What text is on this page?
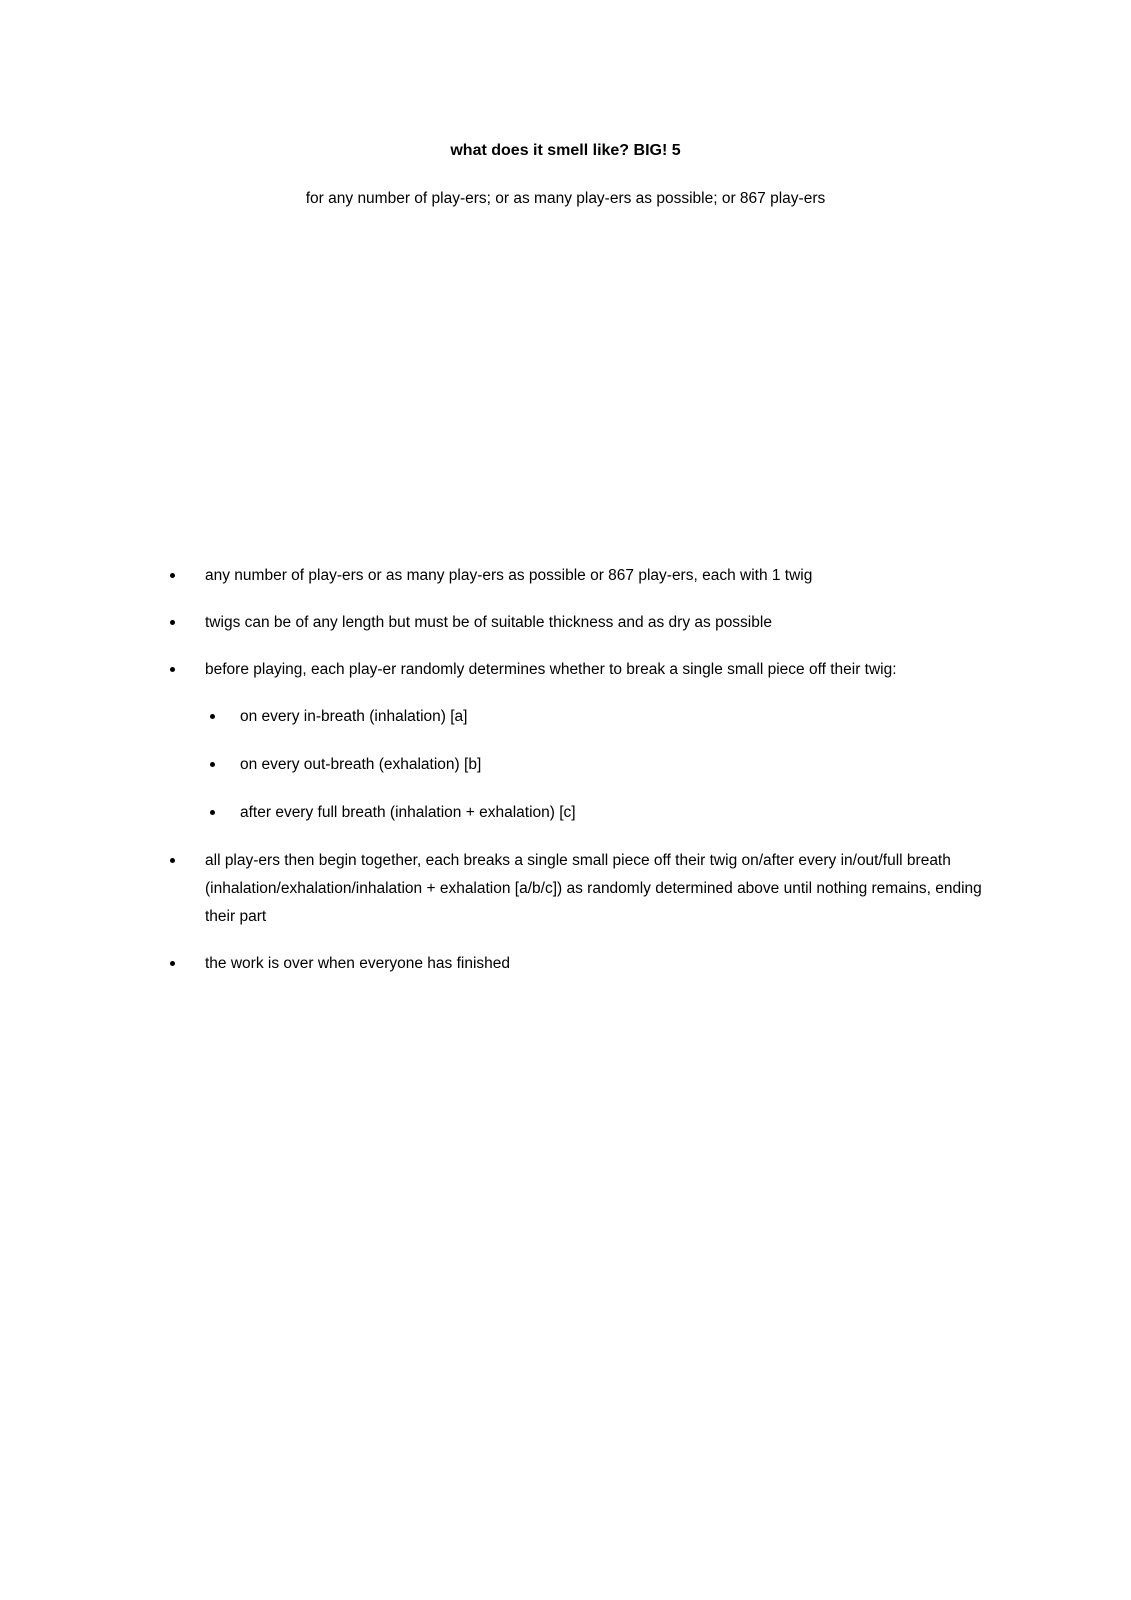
what does it smell like? BIG! 5
for any number of play-ers; or as many play-ers as possible; or 867 play-ers
any number of play-ers or as many play-ers as possible or 867 play-ers, each with 1 twig
twigs can be of any length but must be of suitable thickness and as dry as possible
before playing, each play-er randomly determines whether to break a single small piece off their twig:
on every in-breath (inhalation) [a]
on every out-breath (exhalation) [b]
after every full breath (inhalation + exhalation) [c]
all play-ers then begin together, each breaks a single small piece off their twig on/after every in/out/full breath (inhalation/exhalation/inhalation + exhalation [a/b/c]) as randomly determined above until nothing remains, ending their part
the work is over when everyone has finished
